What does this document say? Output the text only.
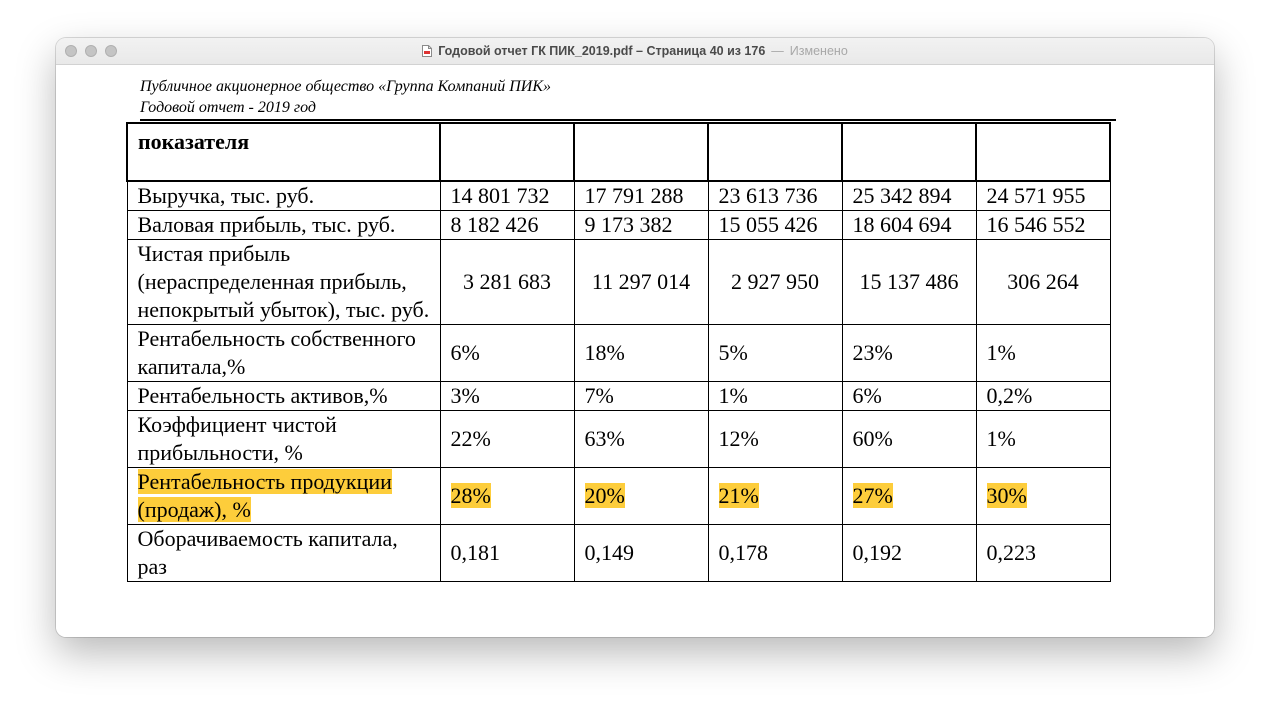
Годовой отчет ГК ПИК_2019.pdf – Страница 40 из 176 — Изменено
Публичное акционерное общество «Группа Компаний ПИК»
Годовой отчет - 2019 год
показателя					
Выручка, тыс. руб.	14 801 732	17 791 288	23 613 736	25 342 894	24 571 955
Валовая прибыль, тыс. руб.	8 182 426	9 173 382	15 055 426	18 604 694	16 546 552
Чистая прибыль (нераспределенная прибыль, непокрытый убыток), тыс. руб.	3 281 683	11 297 014	2 927 950	15 137 486	306 264
Рентабельность собственного капитала,%	6%	18%	5%	23%	1%
Рентабельность активов,%	3%	7%	1%	6%	0,2%
Коэффициент чистой прибыльности, %	22%	63%	12%	60%	1%
Рентабельность продукции (продаж), %	28%	20%	21%	27%	30%
Оборачиваемость капитала, раз	0,181	0,149	0,178	0,192	0,223
